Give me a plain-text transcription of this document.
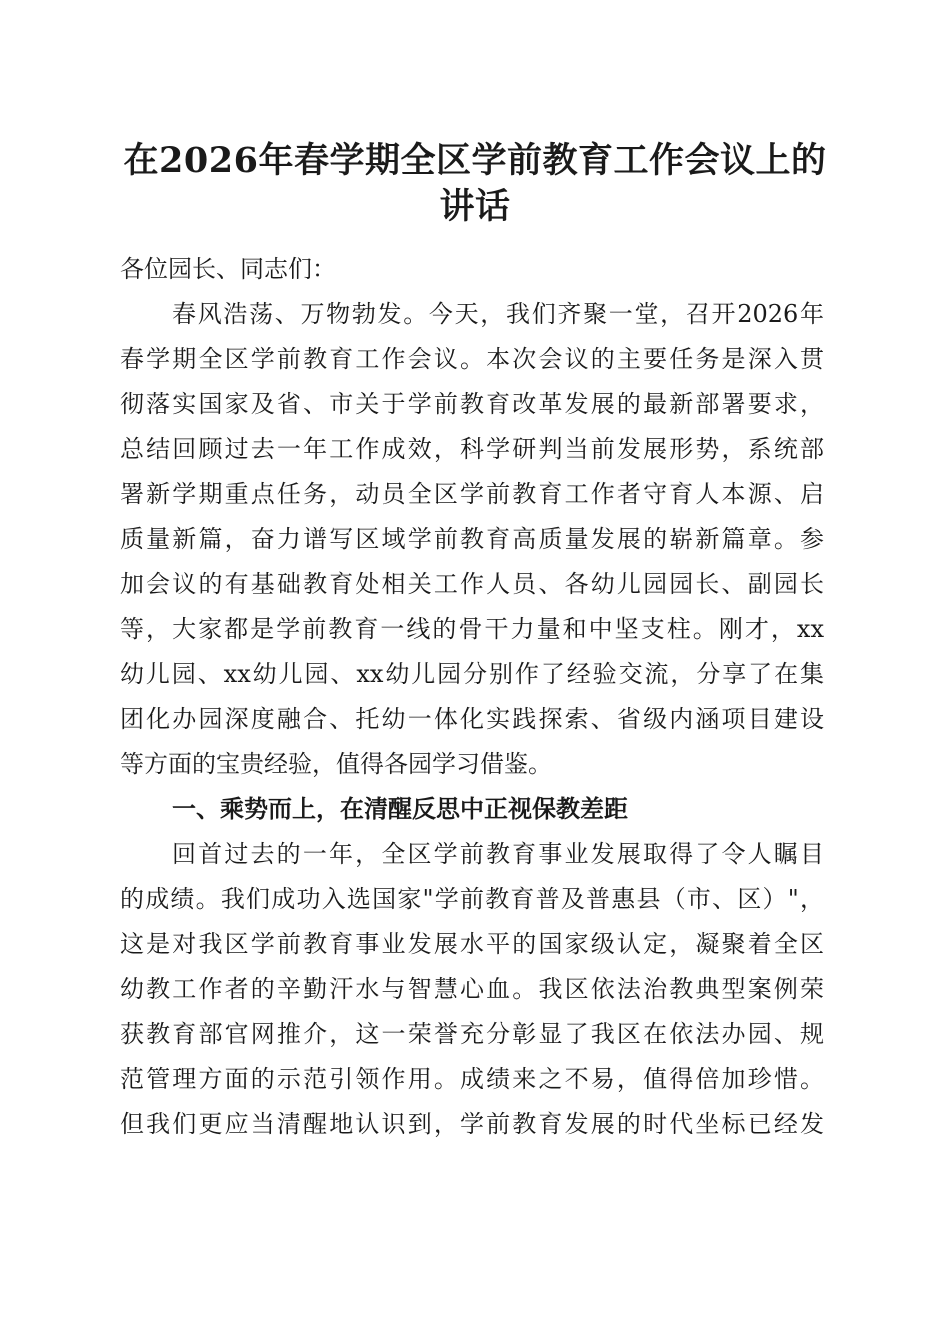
在2026年春学期全区学前教育工作会议上的
讲话
各位园长、同志们：
春风浩荡、万物勃发。今天，我们齐聚一堂，召开2026年
春学期全区学前教育工作会议。本次会议的主要任务是深入贯
彻落实国家及省、市关于学前教育改革发展的最新部署要求，
总结回顾过去一年工作成效，科学研判当前发展形势，系统部
署新学期重点任务，动员全区学前教育工作者守育人本源、启
质量新篇，奋力谱写区域学前教育高质量发展的崭新篇章。参
加会议的有基础教育处相关工作人员、各幼儿园园长、副园长
等，大家都是学前教育一线的骨干力量和中坚支柱。刚才，xx
幼儿园、xx幼儿园、xx幼儿园分别作了经验交流，分享了在集
团化办园深度融合、托幼一体化实践探索、省级内涵项目建设
等方面的宝贵经验，值得各园学习借鉴。
一、乘势而上，在清醒反思中正视保教差距
回首过去的一年，全区学前教育事业发展取得了令人瞩目
的成绩。我们成功入选国家"学前教育普及普惠县（市、区）"，
这是对我区学前教育事业发展水平的国家级认定，凝聚着全区
幼教工作者的辛勤汗水与智慧心血。我区依法治教典型案例荣
获教育部官网推介，这一荣誉充分彰显了我区在依法办园、规
范管理方面的示范引领作用。成绩来之不易，值得倍加珍惜。
但我们更应当清醒地认识到，学前教育发展的时代坐标已经发
